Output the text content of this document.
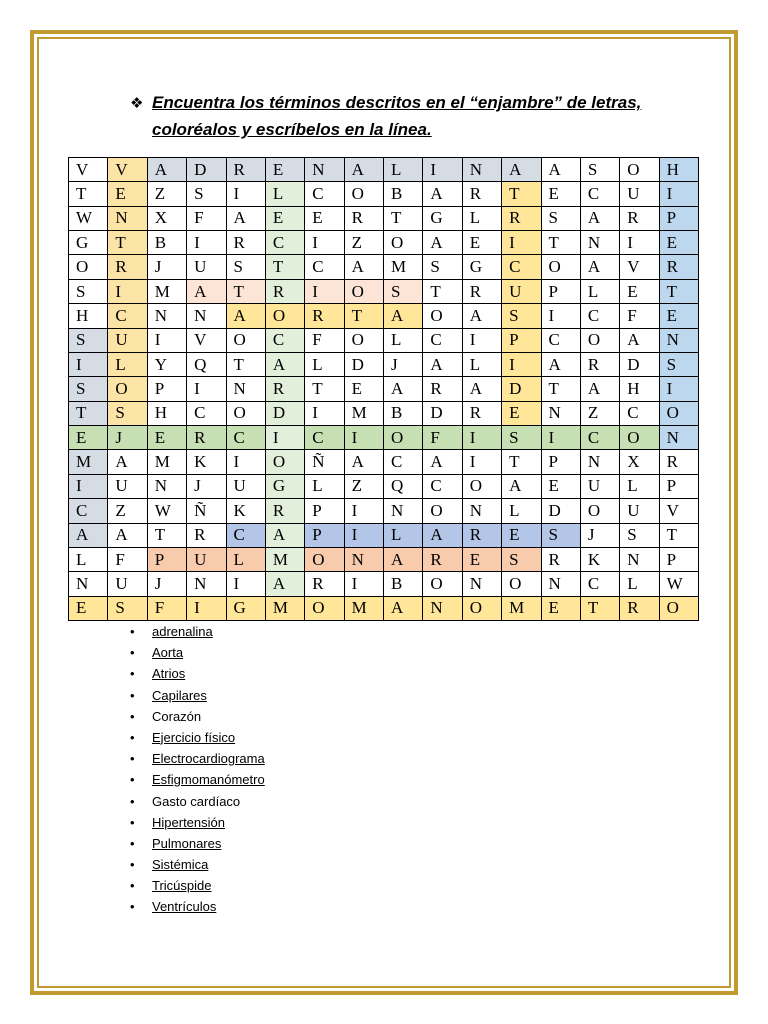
❖ Encuentra los términos descritos en el “enjambre” de letras,
coloréalos y escríbelos en la línea.
V	V	A	D	R	E	N	A	L	I	N	A	A	S	O	H
T	E	Z	S	I	L	C	O	B	A	R	T	E	C	U	I
W	N	X	F	A	E	E	R	T	G	L	R	S	A	R	P
G	T	B	I	R	C	I	Z	O	A	E	I	T	N	I	E
O	R	J	U	S	T	C	A	M	S	G	C	O	A	V	R
S	I	M	A	T	R	I	O	S	T	R	U	P	L	E	T
H	C	N	N	A	O	R	T	A	O	A	S	I	C	F	E
S	U	I	V	O	C	F	O	L	C	I	P	C	O	A	N
I	L	Y	Q	T	A	L	D	J	A	L	I	A	R	D	S
S	O	P	I	N	R	T	E	A	R	A	D	T	A	H	I
T	S	H	C	O	D	I	M	B	D	R	E	N	Z	C	O
E	J	E	R	C	I	C	I	O	F	I	S	I	C	O	N
M	A	M	K	I	O	Ñ	A	C	A	I	T	P	N	X	R
I	U	N	J	U	G	L	Z	Q	C	O	A	E	U	L	P
C	Z	W	Ñ	K	R	P	I	N	O	N	L	D	O	U	V
A	A	T	R	C	A	P	I	L	A	R	E	S	J	S	T
L	F	P	U	L	M	O	N	A	R	E	S	R	K	N	P
N	U	J	N	I	A	R	I	B	O	N	O	N	C	L	W
E	S	F	I	G	M	O	M	A	N	O	M	E	T	R	O
• adrenalina
• Aorta
• Atrios
• Capilares
• Corazón
• Ejercicio físico
• Electrocardiograma
• Esfigmomanómetro
• Gasto cardíaco
• Hipertensión
• Pulmonares
• Sistémica
• Tricúspide
• Ventrículos
